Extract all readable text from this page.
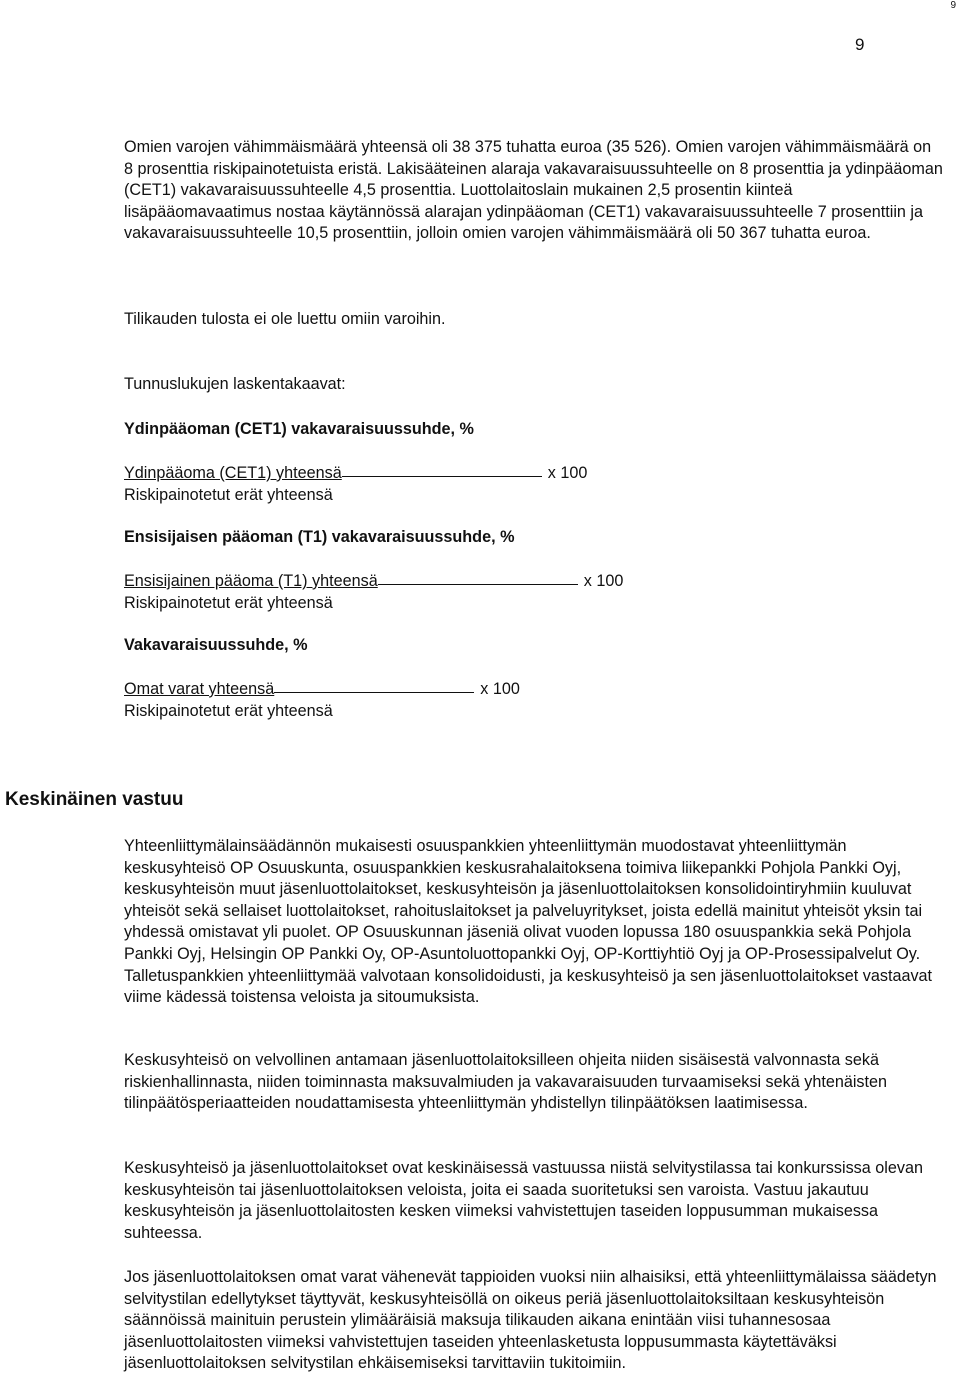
9
9

Omien varojen vähimmäismäärä yhteensä oli 38 375 tuhatta euroa (35 526). Omien varojen vähimmäismäärä on 8 prosenttia riskipainotetuista eristä. Lakisääteinen alaraja vakavaraisuussuhteelle on 8 prosenttia ja ydinpääoman (CET1) vakavaraisuussuhteelle 4,5 prosenttia. Luottolaitoslain mukainen 2,5 prosentin kiinteä lisäpääomavaatimus nostaa käytännössä alarajan ydinpääoman (CET1) vakavaraisuussuhteelle 7 prosenttiin ja vakavaraisuussuhteelle 10,5 prosenttiin, jolloin omien varojen vähimmäismäärä oli 50 367 tuhatta euroa.

Tilikauden tulosta ei ole luettu omiin varoihin.

Tunnuslukujen laskentakaavat:

Ydinpääoman (CET1) vakavaraisuussuhde, %
Ydinpääoma (CET1) yhteensä	x 100
Riskipainotetut erät yhteensä
Ensisijaisen pääoman (T1) vakavaraisuussuhde, %
Ensisijainen pääoma (T1) yhteensä	x 100
Riskipainotetut erät yhteensä
Vakavaraisuussuhde, %
Omat varat yhteensä	x 100
Riskipainotetut erät yhteensä
Keskinäinen vastuu

Yhteenliittymälainsäädännön mukaisesti osuuspankkien yhteenliittymän muodostavat yhteenliittymän keskusyhteisö OP Osuuskunta, osuuspankkien keskusrahalaitoksena toimiva liikepankki Pohjola Pankki Oyj, keskusyhteisön muut jäsenluottolaitokset, keskusyhteisön ja jäsenluottolaitoksen konsolidointiryhmiin kuuluvat yhteisöt sekä sellaiset luottolaitokset, rahoituslaitokset ja palveluyritykset, joista edellä mainitut yhteisöt yksin tai yhdessä omistavat yli puolet. OP Osuuskunnan jäseniä olivat vuoden lopussa 180 osuuspankkia sekä Pohjola Pankki Oyj, Helsingin OP Pankki Oy, OP-Asuntoluottopankki Oyj, OP-Korttiyhtiö Oyj ja OP-Prosessipalvelut Oy. Talletuspankkien yhteenliittymää valvotaan konsolidoidusti, ja keskusyhteisö ja sen jäsenluottolaitokset vastaavat viime kädessä toistensa veloista ja sitoumuksista.

Keskusyhteisö on velvollinen antamaan jäsenluottolaitoksilleen ohjeita niiden sisäisestä valvonnasta sekä riskienhallinnasta, niiden toiminnasta maksuvalmiuden ja vakavaraisuuden turvaamiseksi sekä yhtenäisten tilinpäätösperiaatteiden noudattamisesta yhteenliittymän yhdistellyn tilinpäätöksen laatimisessa.

Keskusyhteisö ja jäsenluottolaitokset ovat keskinäisessä vastuussa niistä selvitystilassa tai konkurssissa olevan keskusyhteisön tai jäsenluottolaitoksen veloista, joita ei saada suoritetuksi sen varoista. Vastuu jakautuu keskusyhteisön ja jäsenluottolaitosten kesken viimeksi vahvistettujen taseiden loppusumman mukaisessa suhteessa.

Jos jäsenluottolaitoksen omat varat vähenevät tappioiden vuoksi niin alhaisiksi, että yhteenliittymälaissa säädetyn selvitystilan edellytykset täyttyvät, keskusyhteisöllä on oikeus periä jäsenluottolaitoksiltaan keskusyhteisön säännöissä mainituin perustein ylimääräisiä maksuja tilikauden aikana enintään viisi tuhannesosaa jäsenluottolaitosten viimeksi vahvistettujen taseiden yhteenlasketusta loppusummasta käytettäväksi jäsenluottolaitoksen selvitystilan ehkäisemiseksi tarvittaviin tukitoimiin.
